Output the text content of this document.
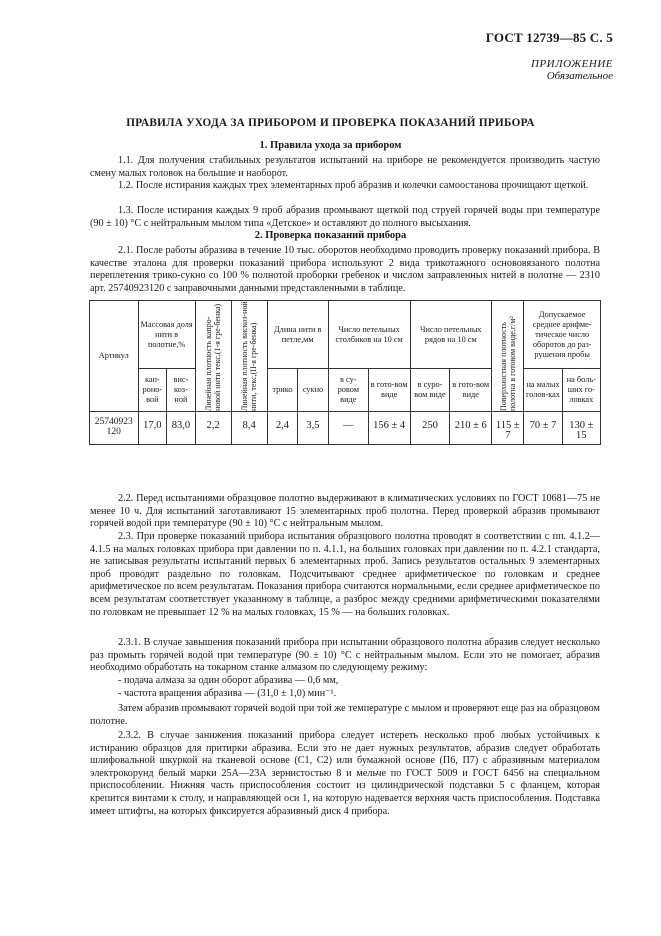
ГОСТ 12739—85 С. 5
ПРИЛОЖЕНИЕ
Обязательное
ПРАВИЛА УХОДА ЗА ПРИБОРОМ И ПРОВЕРКА ПОКАЗАНИЙ ПРИБОРА
1. Правила ухода за прибором

1.1. Для получения стабильных результатов испытаний на приборе не рекомендуется производить частую смену малых головок на большие и наоборот.

1.2. После истирания каждых трех элементарных проб абразив и колечки самоостанова прочищают щеткой.

1.3. После истирания каждых 9 проб абразив промывают щеткой под струей горячей воды при температуре (90 ± 10) °С с нейтральным мылом типа «Детское» и оставляют до полного высыхания.

2. Проверка показаний прибора

2.1. После работы абразива в течение 10 тыс. оборотов необходимо проводить проверку показаний прибора. В качестве эталона для проверки показаний прибора используют 2 вида трикотажного основовязаного полотна переплетения трико-сукно со 100 % полнотой проборки гребенок и числом заправленных нитей в полотне — 2310 арт. 25740923120 с заправочными данными представленными в таблице.

Артикул	Массовая доля нити в полотне,%		Линейная плотность капро-новой нити текс,(1-я гре-бенка)	Линейная плотность вискоз-ной нити, текс,(II-я гре-бенка)	Длина нити в петле,мм		Число петельных столбиков на 10 см		Число петельных рядов на 10 см		Поверхностная плотность полотна в готовом виде,г/м²	Допускаемое среднее арифме-тическое число оборотов до раз-рушения пробы	
	кап-роно-вой	вис-коз-ной			трико	сукно	в су-ровом виде	в гото-вом виде	в суро-вом виде	в гото-вом виде		на малых голов-ках	на боль-ших го-ловках
25740923 120	17,0	83,0	2,2	8,4	2,4	3,5	—	156 ± 4	250	210 ± 6	115 ± 7	70 ± 7	130 ± 15

2.2. Перед испытаниями образцовое полотно выдерживают в климатических условиях по ГОСТ 10681—75 не менее 10 ч. Для испытаний заготавливают 15 элементарных проб полотна. Перед проверкой абразив промывают горячей водой при температуре (90 ± 10) °С с нейтральным мылом.

2.3. При проверке показаний прибора испытания образцового полотна проводят в соответствии с пп. 4.1.2—4.1.5 на малых головках прибора при давлении по п. 4.1.1, на больших головках при давлении по п. 4.2.1 стандарта, не записывая результаты испытаний первых 6 элементарных проб. Запись результатов остальных 9 элементарных проб проводят раздельно по головкам. Подсчитывают среднее арифметическое по головкам и среднее арифметическое по всем результатам. Показания прибора считаются нормальными, если среднее арифметическое по всем результатам соответствует указанному в таблице, а разброс между средними арифметическими показателями по головкам не превышает 12 % на малых головках, 15 % — на больших головках.

2.3.1. В случае завышения показаний прибора при испытании образцового полотна абразив следует несколько раз промыть горячей водой при температуре (90 ± 10) °С с нейтральным мылом. Если это не помогает, абразив необходимо обработать на токарном станке алмазом по следующему режиму:

- подача алмаза за один оборот абразива — 0,6 мм,

- частота вращения абразива — (31,0 ± 1,0) мин⁻¹.

Затем абразив промывают горячей водой при той же температуре с мылом и проверяют еще раз на образцовом полотне.

2.3.2. В случае занижения показаний прибора следует истереть несколько проб любых устойчивых к истиранию образцов для притирки абразива. Если это не дает нужных результатов, абразив следует обработать шлифовальной шкуркой на тканевой основе (С1, С2) или бумажной основе (П6, П7) с абразивным материалом электрокорунд белый марки 25А—23А зернистостью 8 и мельче по ГОСТ 5009 и ГОСТ 6456 на специальном приспособлении. Нижняя часть приспособления состоит из цилиндрической подставки 5 с фланцем, которая крепится винтами к столу, и направляющей оси 1, на которую надевается верхняя часть приспособления. Подставка имеет штифты, на которых фиксируется абразивный диск 4 прибора.
